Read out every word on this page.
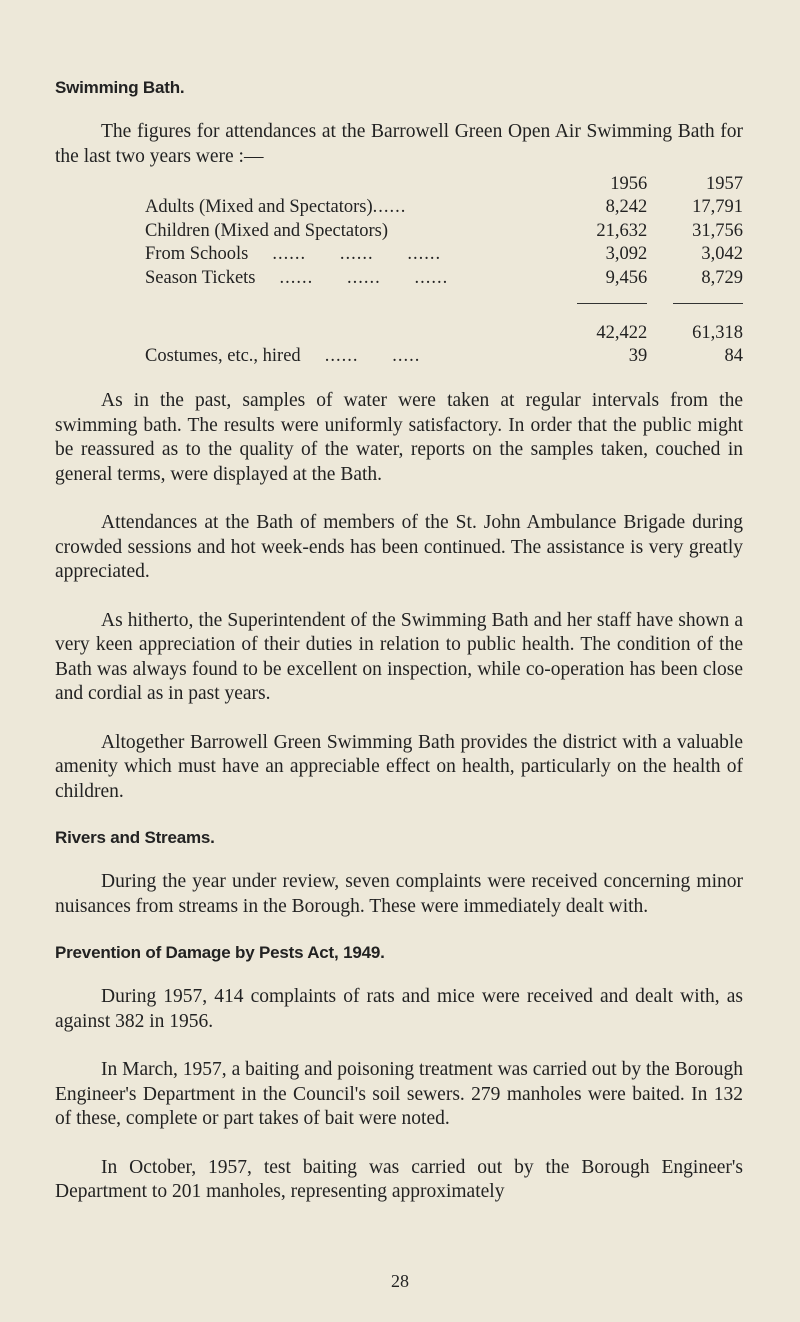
Swimming Bath.

The figures for attendances at the Barrowell Green Open Air Swimming Bath for the last two years were :—

	1956	1957
Adults (Mixed and Spectators)......	8,242	17,791
Children (Mixed and Spectators)	21,632	31,756
From Schools ......      ......      ......	3,092	3,042
Season Tickets ......      ......      ......	9,456	8,729

	42,422	61,318
Costumes, etc., hired ......      .....	39	84

As in the past, samples of water were taken at regular intervals from the swimming bath. The results were uniformly satisfactory. In order that the public might be reassured as to the quality of the water, reports on the samples taken, couched in general terms, were displayed at the Bath.

Attendances at the Bath of members of the St. John Ambulance Brigade during crowded sessions and hot week-ends has been continued. The assistance is very greatly appreciated.

As hitherto, the Superintendent of the Swimming Bath and her staff have shown a very keen appreciation of their duties in relation to public health. The condition of the Bath was always found to be excellent on inspection, while co-operation has been close and cordial as in past years.

Altogether Barrowell Green Swimming Bath provides the district with a valuable amenity which must have an appreciable effect on health, particularly on the health of children.

Rivers and Streams.

During the year under review, seven complaints were received concerning minor nuisances from streams in the Borough. These were immediately dealt with.

Prevention of Damage by Pests Act, 1949.

During 1957, 414 complaints of rats and mice were received and dealt with, as against 382 in 1956.

In March, 1957, a baiting and poisoning treatment was carried out by the Borough Engineer's Department in the Council's soil sewers. 279 manholes were baited. In 132 of these, complete or part takes of bait were noted.

In October, 1957, test baiting was carried out by the Borough Engineer's Department to 201 manholes, representing approximately

28
